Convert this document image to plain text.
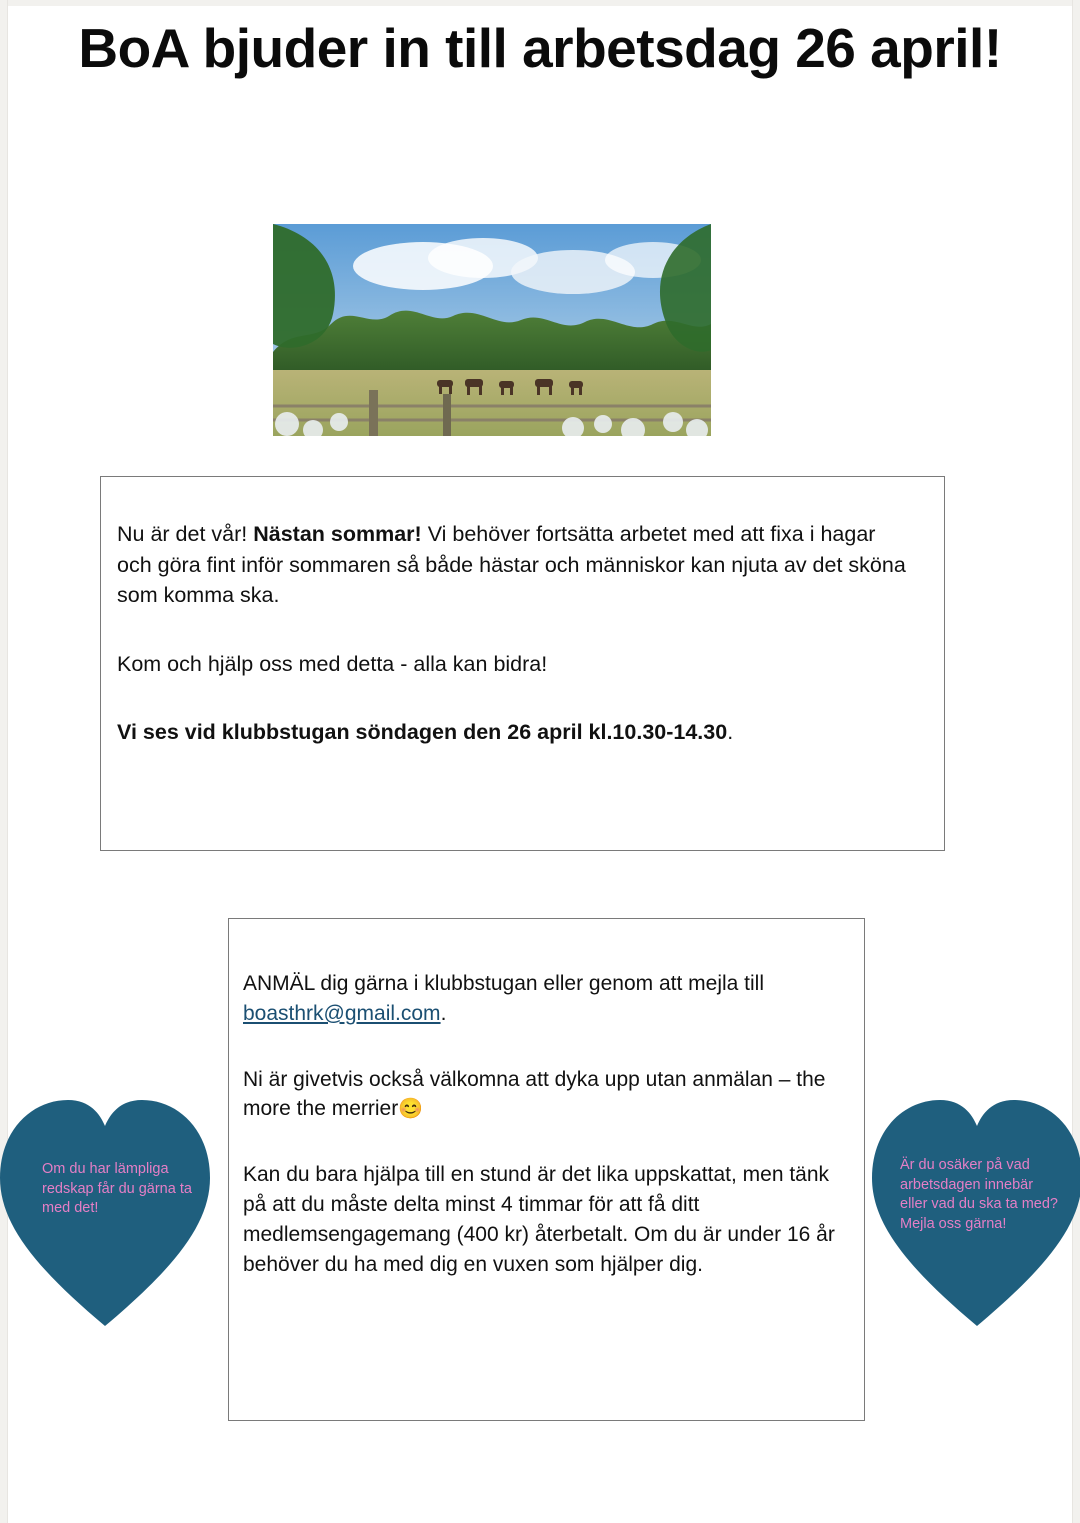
BoA bjuder in till arbetsdag 26 april!

Nu är det vår! Nästan sommar! Vi behöver fortsätta arbetet med att fixa i hagar och göra fint inför sommaren så både hästar och människor kan njuta av det sköna som komma ska.

Kom och hjälp oss med detta - alla kan bidra!

Vi ses vid klubbstugan söndagen den 26 april kl.10.30-14.30.

ANMÄL dig gärna i klubbstugan eller genom att mejla till boasthrk@gmail.com.

Ni är givetvis också välkomna att dyka upp utan anmälan – the more the merrier😊

Kan du bara hjälpa till en stund är det lika uppskattat, men tänk på att du måste delta minst 4 timmar för att få ditt medlemsengagemang (400 kr) återbetalt. Om du är under 16 år behöver du ha med dig en vuxen som hjälper dig.

Om du har lämpliga redskap får du gärna ta med det!
Är du osäker på vad arbetsdagen innebär eller vad du ska ta med? Mejla oss gärna!
